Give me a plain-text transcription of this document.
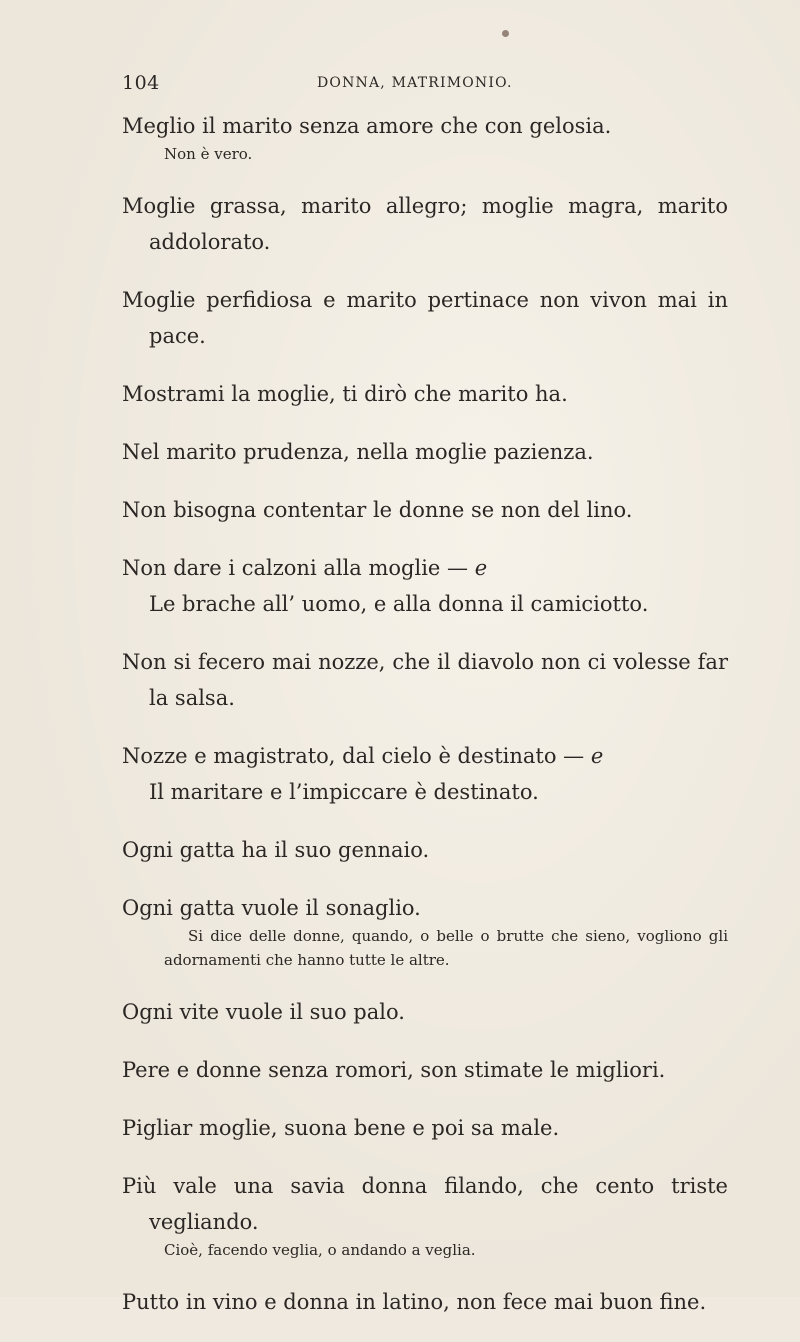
104	DONNA, MATRIMONIO.

Meglio il marito senza amore che con gelosia.

Non è vero.

Moglie grassa, marito allegro; moglie magra, marito addolorato.

Moglie perfidiosa e marito pertinace non vivon mai in pace.

Mostrami la moglie, ti dirò che marito ha.

Nel marito prudenza, nella moglie pazienza.

Non bisogna contentar le donne se non del lino.

Non dare i calzoni alla moglie — e

Le brache all’ uomo, e alla donna il camiciotto.

Non si fecero mai nozze, che il diavolo non ci volesse far la salsa.

Nozze e magistrato, dal cielo è destinato — e

Il maritare e l’impiccare è destinato.

Ogni gatta ha il suo gennaio.

Ogni gatta vuole il sonaglio.

Si dice delle donne, quando, o belle o brutte che sieno, vogliono gli adornamenti che hanno tutte le altre.

Ogni vite vuole il suo palo.

Pere e donne senza romori, son stimate le migliori.

Pigliar moglie, suona bene e poi sa male.

Più vale una savia donna filando, che cento triste vegliando.

Cioè, facendo veglia, o andando a veglia.

Putto in vino e donna in latino, non fece mai buon fine.
